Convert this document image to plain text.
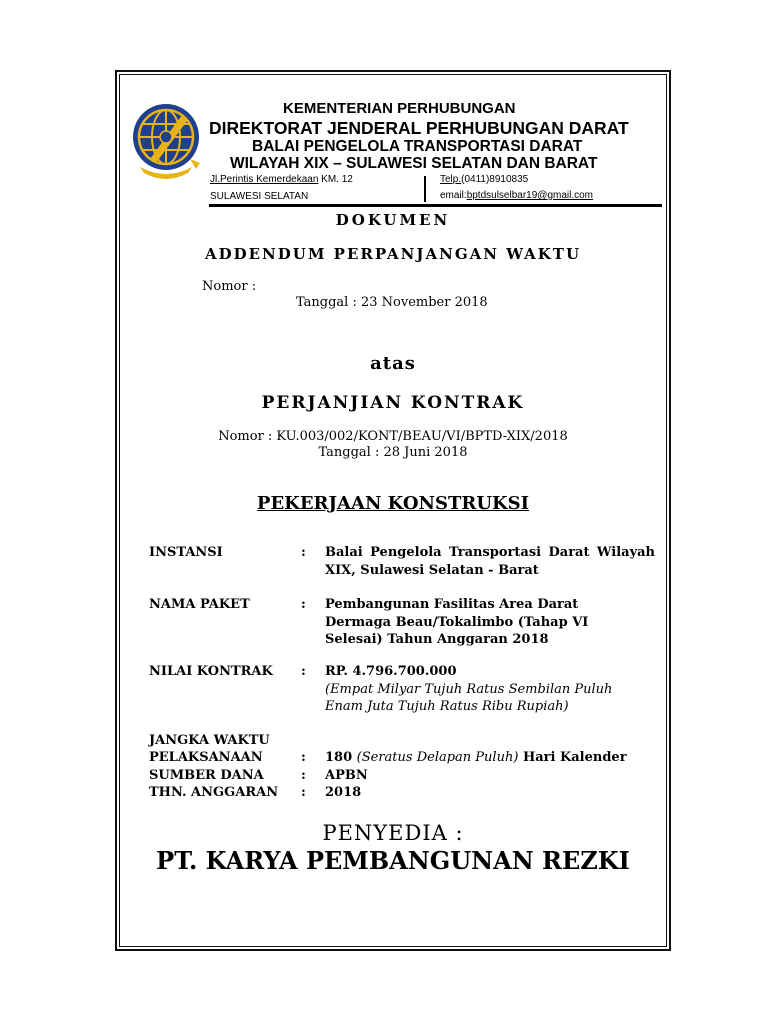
KEMENTERIAN PERHUBUNGAN
DIREKTORAT JENDERAL PERHUBUNGAN DARAT
BALAI PENGELOLA TRANSPORTASI DARAT
WILAYAH XIX – SULAWESI SELATAN DAN BARAT
Jl.Perintis Kemerdekaan KM. 12
SULAWESI SELATAN
Telp.(0411)8910835
email:bptdsulselbar19@gmail.com
DOKUMEN
ADDENDUM PERPANJANGAN WAKTU
Nomor :
Tanggal : 23 November 2018
atas
PERJANJIAN KONTRAK
Nomor : KU.003/002/KONT/BEAU/VI/BPTD-XIX/2018
Tanggal : 28 Juni 2018
PEKERJAAN KONSTRUKSI
INSTANSI	: Balai Pengelola Transportasi Darat Wilayah XIX, Sulawesi Selatan - Barat
NAMA PAKET	: Pembangunan Fasilitas Area Darat Dermaga Beau/Tokalimbo (Tahap VI Selesai) Tahun Anggaran 2018
NILAI KONTRAK : RP. 4.796.700.000
(Empat Milyar Tujuh Ratus Sembilan Puluh Enam Juta Tujuh Ratus Ribu Rupiah)
JANGKA WAKTU
PELAKSANAAN	: 180 (Seratus Delapan Puluh) Hari Kalender
SUMBER DANA	: APBN
THN. ANGGARAN : 2018
PENYEDIA :
PT. KARYA PEMBANGUNAN REZKI
